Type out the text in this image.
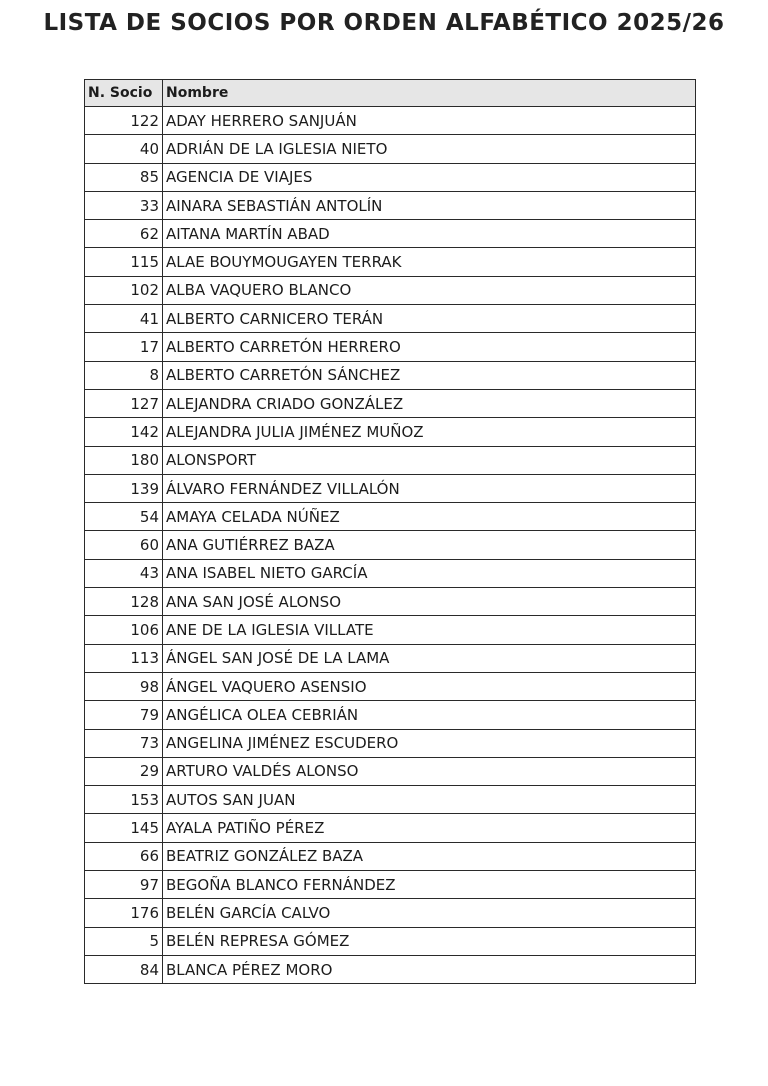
LISTA DE SOCIOS POR ORDEN ALFABÉTICO 2025/26
N. Socio	Nombre
122	ADAY HERRERO SANJUÁN
40	ADRIÁN DE LA IGLESIA NIETO
85	AGENCIA DE VIAJES
33	AINARA SEBASTIÁN ANTOLÍN
62	AITANA MARTÍN ABAD
115	ALAE BOUYMOUGAYEN TERRAK
102	ALBA VAQUERO BLANCO
41	ALBERTO CARNICERO TERÁN
17	ALBERTO CARRETÓN HERRERO
8	ALBERTO CARRETÓN SÁNCHEZ
127	ALEJANDRA CRIADO GONZÁLEZ
142	ALEJANDRA JULIA JIMÉNEZ MUÑOZ
180	ALONSPORT
139	ÁLVARO FERNÁNDEZ VILLALÓN
54	AMAYA CELADA NÚÑEZ
60	ANA GUTIÉRREZ BAZA
43	ANA ISABEL NIETO GARCÍA
128	ANA SAN JOSÉ ALONSO
106	ANE DE LA IGLESIA VILLATE
113	ÁNGEL SAN JOSÉ DE LA LAMA
98	ÁNGEL VAQUERO ASENSIO
79	ANGÉLICA OLEA CEBRIÁN
73	ANGELINA JIMÉNEZ ESCUDERO
29	ARTURO VALDÉS ALONSO
153	AUTOS SAN JUAN
145	AYALA PATIÑO PÉREZ
66	BEATRIZ GONZÁLEZ BAZA
97	BEGOÑA BLANCO FERNÁNDEZ
176	BELÉN GARCÍA CALVO
5	BELÉN REPRESA GÓMEZ
84	BLANCA PÉREZ MORO
